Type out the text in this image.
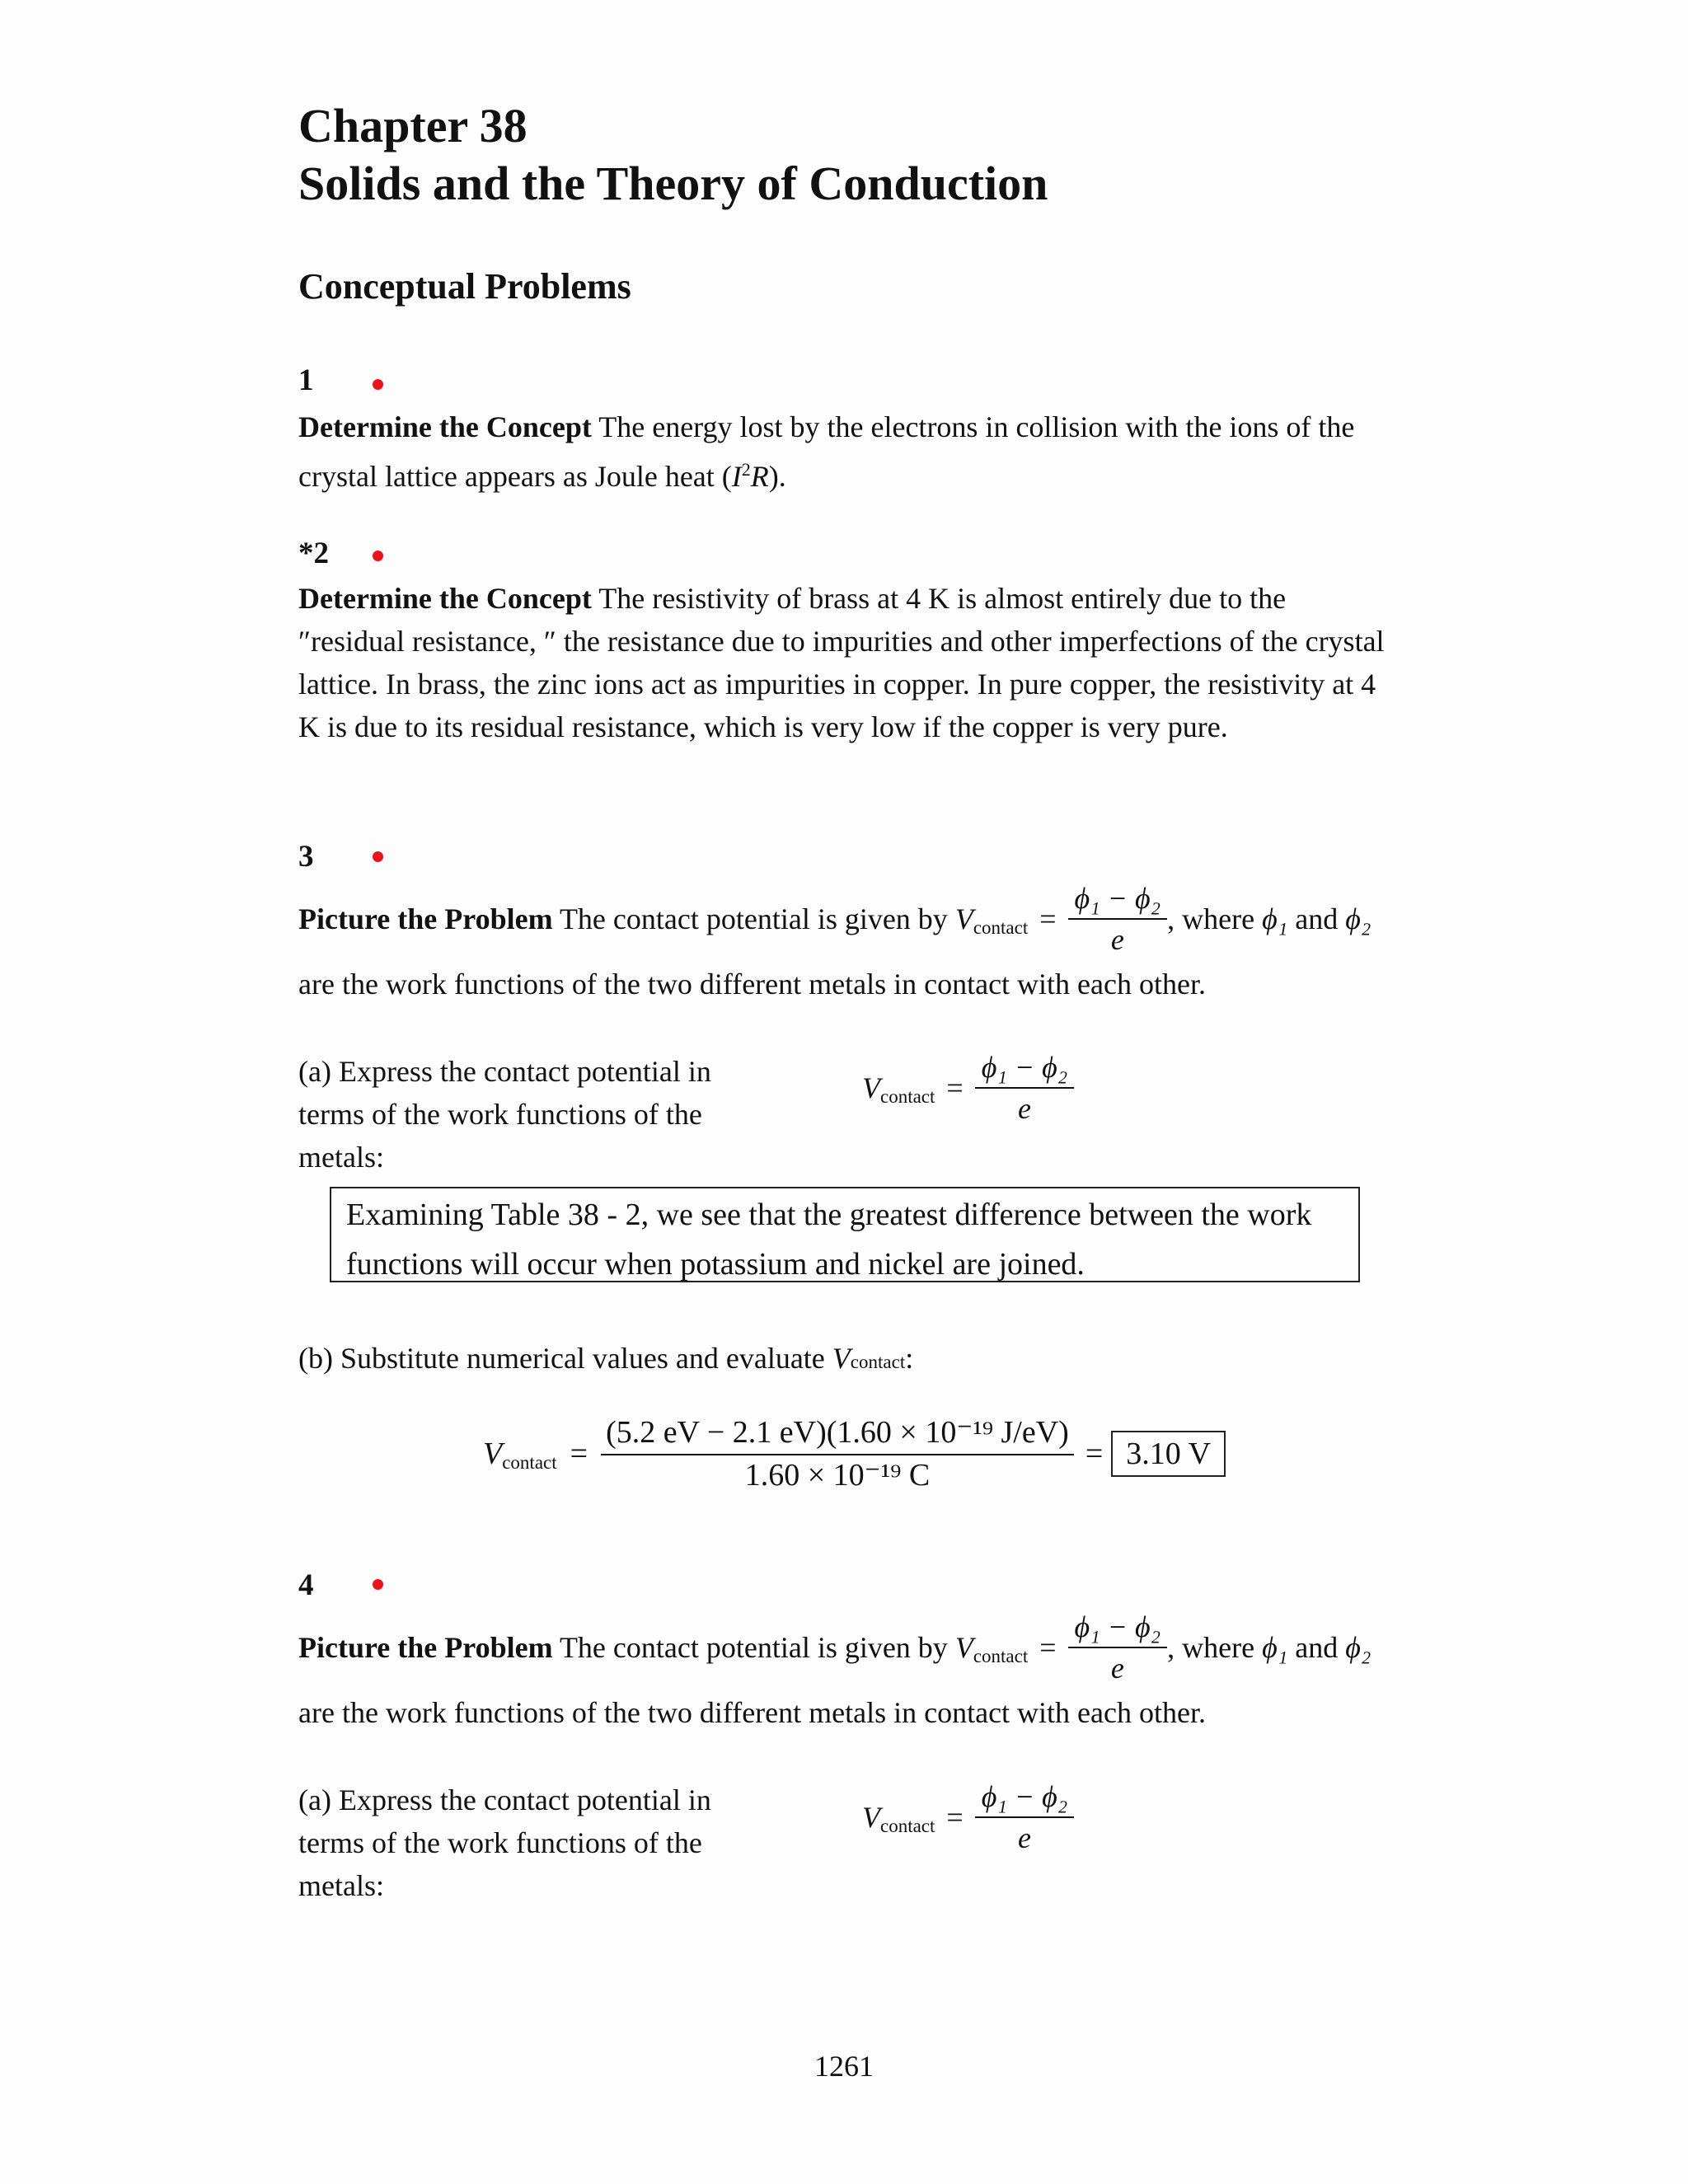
Chapter 38
Solids and the Theory of Conduction
Conceptual Problems
1
Determine the Concept The energy lost by the electrons in collision with the ions of the crystal lattice appears as Joule heat $(I^2R)$.
*2
Determine the Concept The resistivity of brass at 4 K is almost entirely due to the ″residual resistance, ″ the resistance due to impurities and other imperfections of the crystal lattice. In brass, the zinc ions act as impurities in copper. In pure copper, the resistivity at 4 K is due to its residual resistance, which is very low if the copper is very pure.
3
Picture the Problem The contact potential is given by V contact = $\frac{\text{ϕ₁ − ϕ₂}}{e}$ , where ϕ₁ and ϕ₂
are the work functions of the two different metals in contact with each other.
(a) Express the contact potential in terms of the work functions of the metals:
V contact = $\frac{\text{ϕ₁ − ϕ₂}}{e}$
Examining Table 38 - 2, we see that the greatest difference between the work functions will occur when potassium and nickel are joined.
(b) Substitute numerical values and evaluate Vcontact:
V contact = $\frac{\text{(5.2 eV − 2.1 eV)(1.60 × 10⁻¹⁹ J/eV)}}{\text{1.60 × 10⁻¹⁹ C}} = 3.10$ V
4
Picture the Problem The contact potential is given by V contact = $\frac{\text{ϕ₁ − ϕ₂}}{e}$ , where ϕ₁ and ϕ₂
are the work functions of the two different metals in contact with each other.
(a) Express the contact potential in terms of the work functions of the metals:
V contact = $\frac{\text{ϕ₁ − ϕ₂}}{e}$
1261
